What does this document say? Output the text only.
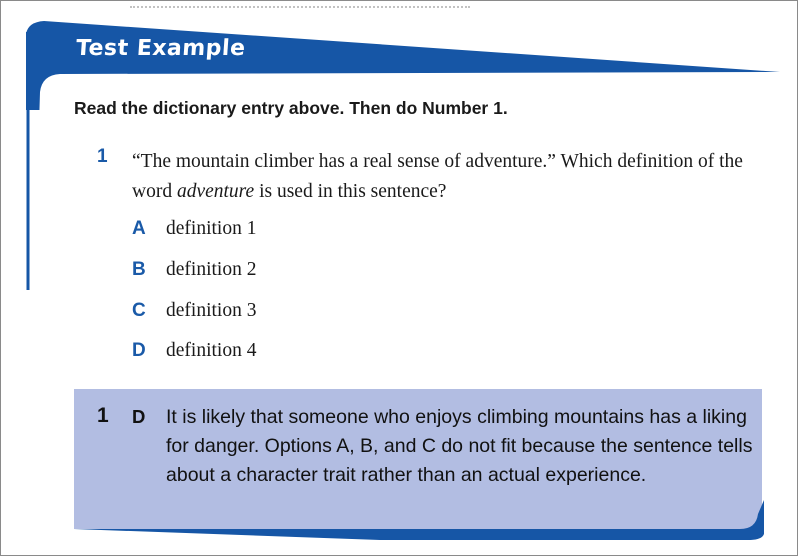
Test Example
Read the dictionary entry above. Then do Number 1.
1 “The mountain climber has a real sense of adventure.” Which definition of the word adventure is used in this sentence?
A	definition 1
B	definition 2
C	definition 3
D	definition 4
1 D It is likely that someone who enjoys climbing mountains has a liking for danger. Options A, B, and C do not fit because the sentence tells about a character trait rather than an actual experience.
